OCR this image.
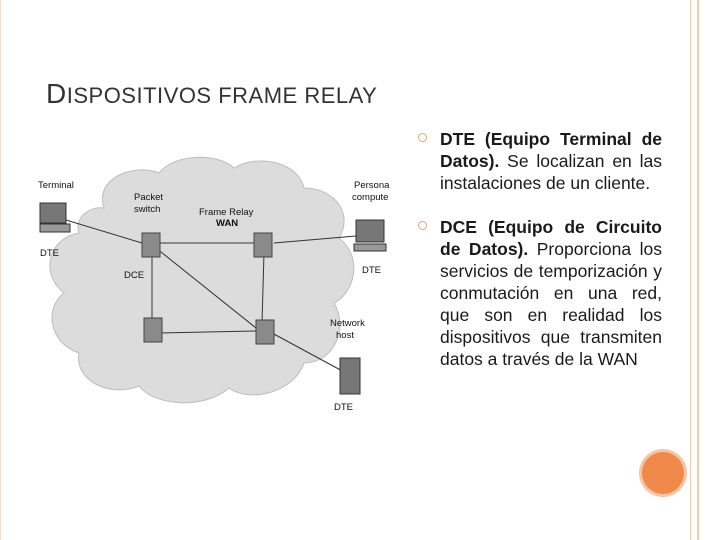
DISPOSITIVOS FRAME RELAY
Terminal
DTE
Packet
switch	Frame Relay
WAN
Persona
compute
DTE
DCE
Network
host
DTE

DTE (Equipo Terminal de Datos). Se localizan en las instalaciones de un cliente.

DCE (Equipo de Circuito de Datos). Proporciona los servicios de temporización y conmutación en una red, que son en realidad los dispositivos que transmiten datos a través de la WAN
